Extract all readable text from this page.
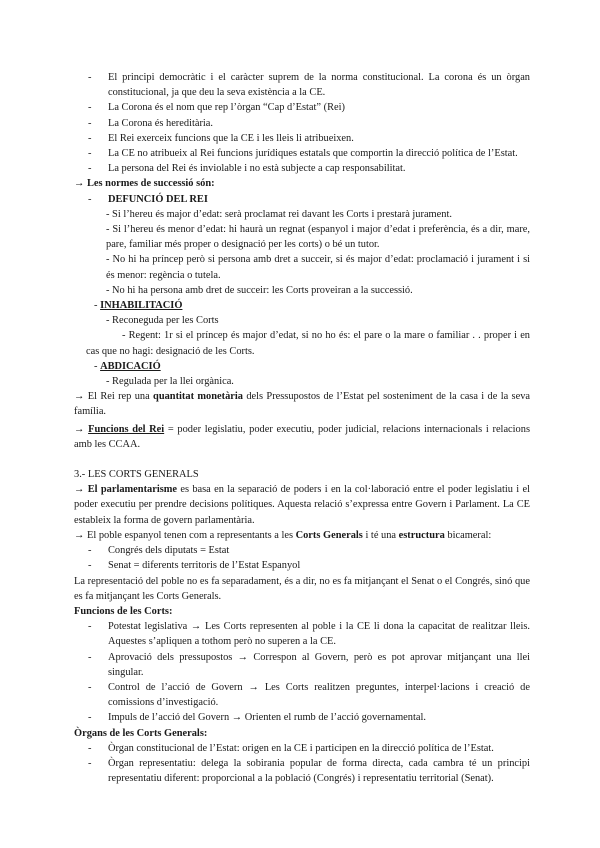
-	El principi democràtic i el caràcter suprem de la norma constitucional. La corona és un òrgan constitucional, ja que deu la seva existència a la CE.
-	La Corona és el nom que rep l’òrgan “Cap d’Estat” (Rei)
-	La Corona és hereditària.
-	El Rei exerceix funcions que la CE i les lleis li atribueixen.
-	La CE no atribueix al Rei funcions jurídiques estatals que comportin la direcció política de l’Estat.
-	La persona del Rei és inviolable i no està subjecte a cap responsabilitat.
→ Les normes de successió són:
-	DEFUNCIÓ DEL REI
- Si l’hereu és major d’edat: serà proclamat rei davant les Corts i prestarà jurament.
- Si l’hereu és menor d’edat: hi haurà un regnat (espanyol i major d’edat i preferència, és a dir, mare, pare, familiar més proper o designació per les corts) o bé un tutor.
- No hi ha príncep però si persona amb dret a succeir, si és major d’edat: proclamació i jurament i si és menor: regència o tutela.
- No hi ha persona amb dret de succeir: les Corts proveiran a la successió.
- INHABILITACIÓ
- Reconeguda per les Corts
- Regent: 1r si el príncep és major d’edat, si no ho és: el pare o la mare o familiar . . proper i en cas que no hagi: designació de les Corts.
- ABDICACIÓ
- Regulada per la llei orgànica.
→ El Rei rep una quantitat monetària dels Pressupostos de l’Estat pel sosteniment de la casa i de la seva família.
→ Funcions del Rei = poder legislatiu, poder executiu, poder judicial, relacions internacionals i relacions amb les CCAA.
3.- LES CORTS GENERALS
→ El parlamentarisme es basa en la separació de poders i en la col·laboració entre el poder legislatiu i el poder executiu per prendre decisions polítiques. Aquesta relació s’expressa entre Govern i Parlament. La CE estableix la forma de govern parlamentària.
→ El poble espanyol tenen com a representants a les Corts Generals i té una estructura bicameral:
-	Congrés dels diputats = Estat
-	Senat = diferents territoris de l’Estat Espanyol
La representació del poble no es fa separadament, és a dir, no es fa mitjançant el Senat o el Congrés, sinó que es fa mitjançant les Corts Generals.
Funcions de les Corts:
-	Potestat legislativa → Les Corts representen al poble i la CE li dona la capacitat de realitzar lleis. Aquestes s’apliquen a tothom però no superen a la CE.
-	Aprovació dels pressupostos → Correspon al Govern, però es pot aprovar mitjançant una llei singular.
-	Control de l’acció de Govern → Les Corts realitzen preguntes, interpel·lacions i creació de comissions d’investigació.
-	Impuls de l’acció del Govern → Orienten el rumb de l’acció governamental.
Òrgans de les Corts Generals:
-	Òrgan constitucional de l’Estat: origen en la CE i participen en la direcció política de l’Estat.
-	Òrgan representatiu: delega la sobirania popular de forma directa, cada cambra té un principi representatiu diferent: proporcional a la població (Congrés) i representatiu territorial (Senat).
